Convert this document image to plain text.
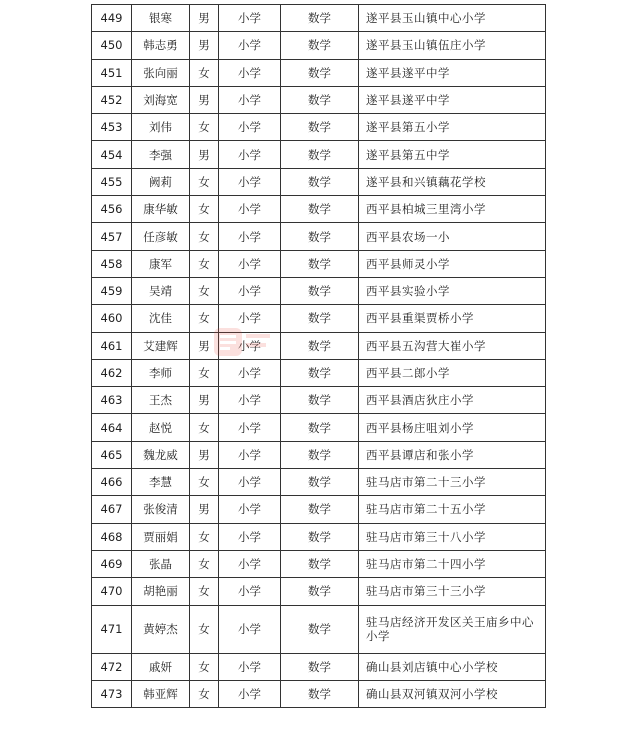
449	银寒	男	小学	数学	遂平县玉山镇中心小学
450	韩志勇	男	小学	数学	遂平县玉山镇伍庄小学
451	张向丽	女	小学	数学	遂平县遂平中学
452	刘海宽	男	小学	数学	遂平县遂平中学
453	刘伟	女	小学	数学	遂平县第五小学
454	李强	男	小学	数学	遂平县第五中学
455	阙莉	女	小学	数学	遂平县和兴镇藕花学校
456	康华敏	女	小学	数学	西平县柏城三里湾小学
457	任彦敏	女	小学	数学	西平县农场一小
458	康军	女	小学	数学	西平县师灵小学
459	吴靖	女	小学	数学	西平县实验小学
460	沈佳	女	小学	数学	西平县重渠贾桥小学
461	艾建辉	男	小学	数学	西平县五沟营大崔小学
462	李师	女	小学	数学	西平县二郎小学
463	王杰	男	小学	数学	西平县酒店狄庄小学
464	赵悦	女	小学	数学	西平县杨庄咀刘小学
465	魏龙威	男	小学	数学	西平县谭店和张小学
466	李慧	女	小学	数学	驻马店市第二十三小学
467	张俊清	男	小学	数学	驻马店市第二十五小学
468	贾丽娟	女	小学	数学	驻马店市第三十八小学
469	张晶	女	小学	数学	驻马店市第二十四小学
470	胡艳丽	女	小学	数学	驻马店市第三十三小学
471	黄婷杰	女	小学	数学	驻马店经济开发区关王庙乡中心小学
472	戚妍	女	小学	数学	确山县刘店镇中心小学校
473	韩亚辉	女	小学	数学	确山县双河镇双河小学校
